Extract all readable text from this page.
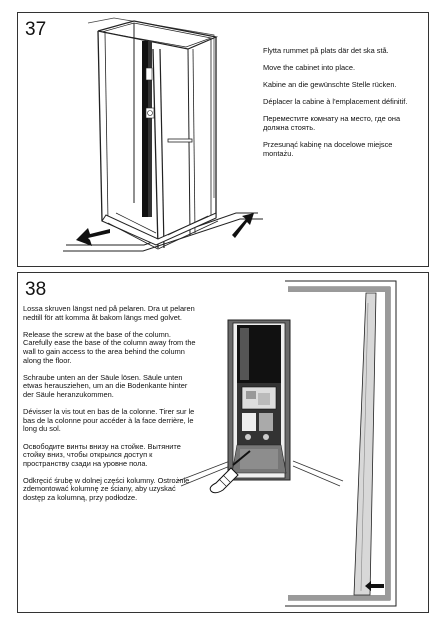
37

Flytta rummet på plats där det ska stå.

Move the cabinet into place.

Kabine an die gewünschte Stelle rücken.

Déplacer la cabine à l'emplacement définitif.

Переместите комнату на место, где она должна стоять.

Przesunąć kabinę na docelowe miejsce montażu.

38

Lossa skruven längst ned på pelaren. Dra ut pelaren nedtill för att komma åt bakom längs med golvet.

Release the screw at the base of the column. Carefully ease the base of the column away from the wall to gain access to the area behind the column along the floor.

Schraube unten an der Säule lösen. Säule unten etwas herausziehen, um an die Bodenkante hinter der Säule heranzukommen.

Dévisser la vis tout en bas de la colonne. Tirer sur le bas de la colonne pour accéder à la face derrière, le long du sol.

Освободите винты внизу на стойке. Вытяните стойку вниз, чтобы открылся доступ к пространству сзади на уровне пола.

Odkręcić śrubę w dolnej części kolumny. Ostrożnie zdemontować kolumnę ze ściany, aby uzyskać dostęp za kolumną, przy podłodze.
